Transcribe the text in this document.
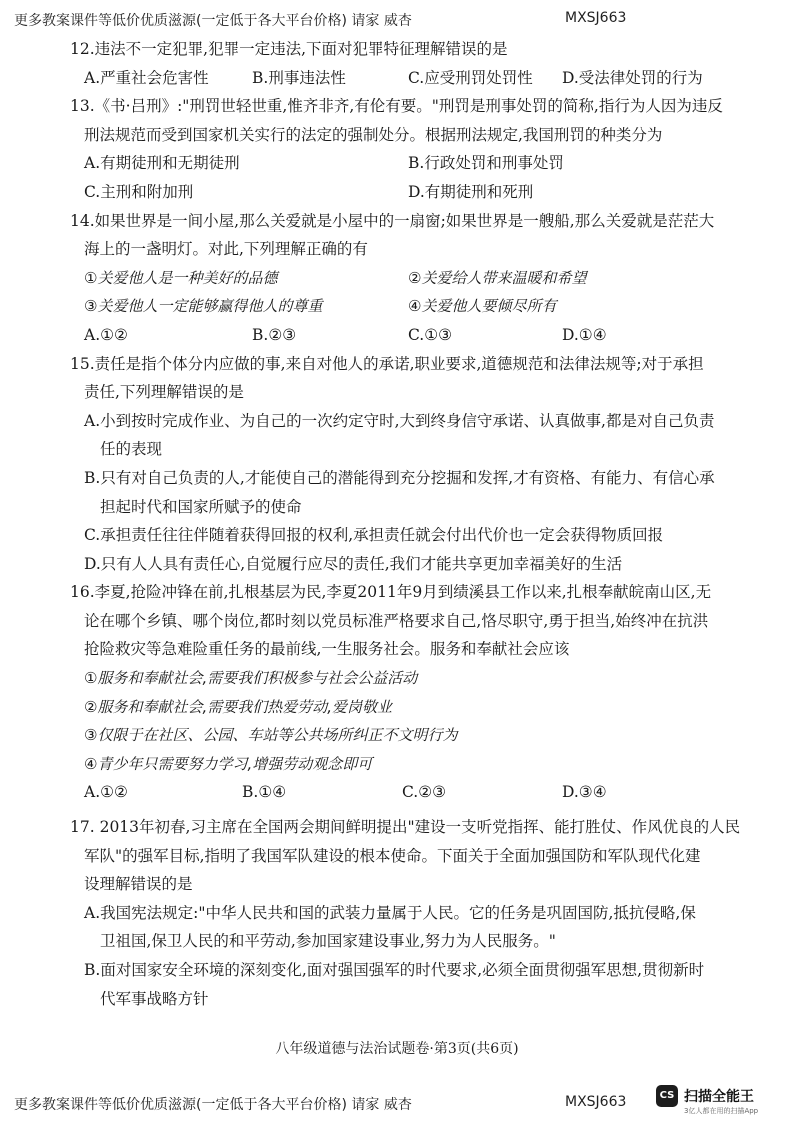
更多教案课件等低价优质滋源(一定低于各大平台价格) 请家 威杏	MXSJ663
12.违法不一定犯罪,犯罪一定违法,下面对犯罪特征理解错误的是
A.严重社会危害性	B.刑事违法性	C.应受刑罚处罚性 D.受法律处罚的行为
13.《书·吕刑》:"刑罚世轻世重,惟齐非齐,有伦有要。"刑罚是刑事处罚的简称,指行为人因为违反
刑法规范而受到国家机关实行的法定的强制处分。根据刑法规定,我国刑罚的种类分为
A.有期徒刑和无期徒刑	B.行政处罚和刑事处罚
C.主刑和附加刑	D.有期徒刑和死刑
14.如果世界是一间小屋,那么关爱就是小屋中的一扇窗;如果世界是一艘船,那么关爱就是茫茫大
海上的一盏明灯。对此,下列理解正确的有
①关爱他人是一种美好的品德	②关爱给人带来温暖和希望
③关爱他人一定能够赢得他人的尊重	④关爱他人要倾尽所有
A.①②	B.②③	C.①③	D.①④
15.责任是指个体分内应做的事,来自对他人的承诺,职业要求,道德规范和法律法规等;对于承担
责任,下列理解错误的是
A.小到按时完成作业、为自己的一次约定守时,大到终身信守承诺、认真做事,都是对自己负责
任的表现
B.只有对自己负责的人,才能使自己的潜能得到充分挖掘和发挥,才有资格、有能力、有信心承
担起时代和国家所赋予的使命
C.承担责任往往伴随着获得回报的权利,承担责任就会付出代价也一定会获得物质回报
D.只有人人具有责任心,自觉履行应尽的责任,我们才能共享更加幸福美好的生活
16.李夏,抢险冲锋在前,扎根基层为民,李夏2011年9月到绩溪县工作以来,扎根奉献皖南山区,无
论在哪个乡镇、哪个岗位,都时刻以党员标准严格要求自己,恪尽职守,勇于担当,始终冲在抗洪
抢险救灾等急难险重任务的最前线,一生服务社会。服务和奉献社会应该
①服务和奉献社会,需要我们积极参与社会公益活动
②服务和奉献社会,需要我们热爱劳动,爱岗敬业
③仅限于在社区、公园、车站等公共场所纠正不文明行为
④青少年只需要努力学习,增强劳动观念即可
A.①②	B.①④	C.②③	D.③④
17. 2013年初春,习主席在全国两会期间鲜明提出"建设一支听党指挥、能打胜仗、作风优良的人民
军队"的强军目标,指明了我国军队建设的根本使命。下面关于全面加强国防和军队现代化建
设理解错误的是
A.我国宪法规定:"中华人民共和国的武装力量属于人民。它的任务是巩固国防,抵抗侵略,保
卫祖国,保卫人民的和平劳动,参加国家建设事业,努力为人民服务。"
B.面对国家安全环境的深刻变化,面对强国强军的时代要求,必须全面贯彻强军思想,贯彻新时
代军事战略方针
八年级道德与法治试题卷·第3页(共6页)
更多教案课件等低价优质滋源(一定低于各大平台价格) 请家 威杏	MXSJ663	CS 扫描全能王
3亿人都在用的扫描App
